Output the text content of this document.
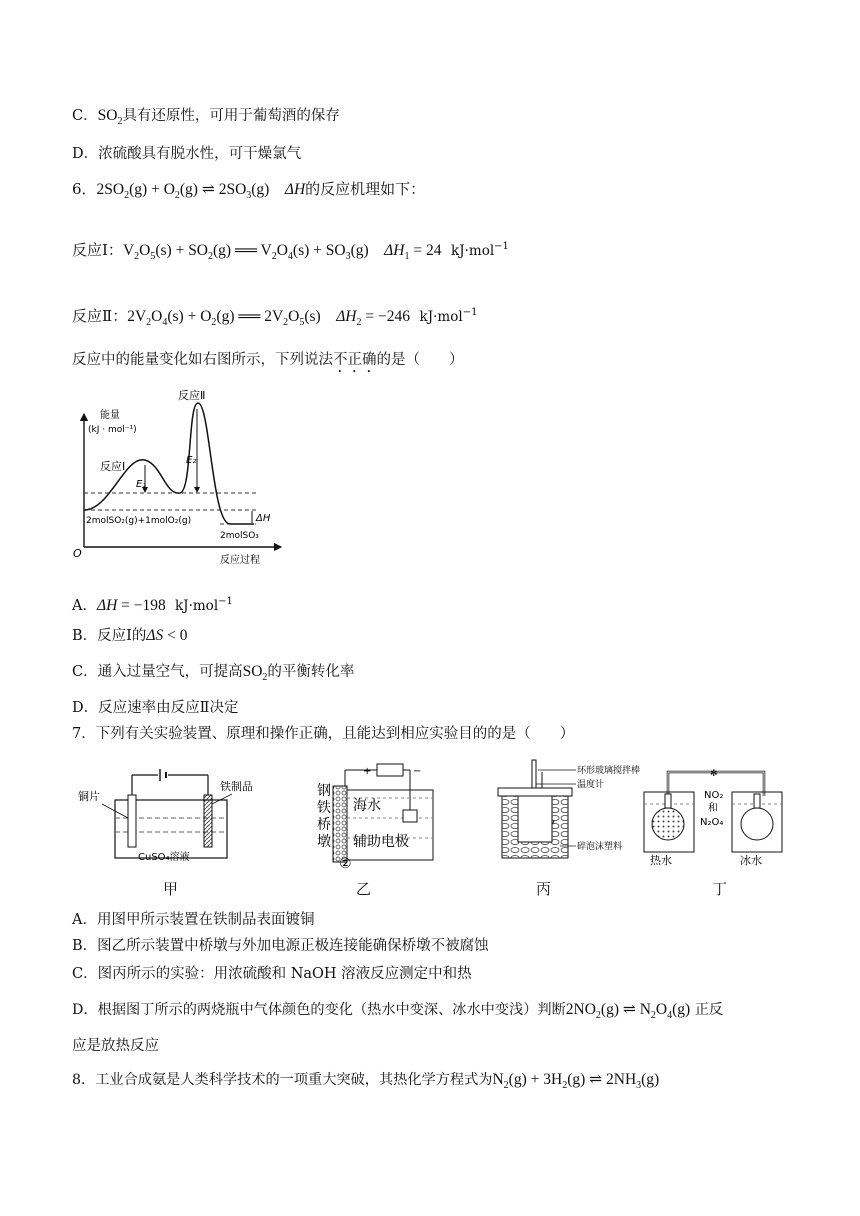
C．$SO_2$具有还原性，可用于葡萄酒的保存
D．浓硫酸具有脱水性，可干燥氯气
6．$2SO_2(g) + O_2(g)$ ⇌ $2SO_3(g)$    ΔH的反应机理如下：
反应Ⅰ：$V_2O_5(s) + SO_2(g)$ ══ $V_2O_4(s) + SO_3(g)$    $\Delta H_1 = 24$ kJ·mol$^{-1}$
反应Ⅱ：$2V_2O_4(s) + O_2(g)$ ══ $2V_2O_5(s)$    $\Delta H_2 = -246$ kJ·mol$^{-1}$
反应中的能量变化如右图所示，下列说法不正确的是（　　）
能量
(kJ · mol⁻¹)
反应Ⅰ
反应Ⅱ
E₁
E₂
2molSO₂(g)+1molO₂(g)
2molSO₃
ΔH
O
反应过程
A．ΔH = −198 kJ·mol$^{-1}$
B．反应Ⅰ的ΔS < 0
C．通入过量空气，可提高$SO_2$的平衡转化率
D．反应速率由反应Ⅱ决定
7．下列有关实验装置、原理和操作正确，且能达到相应实验目的的是（　　）
铜片
铁制品
CuSO₄溶液
甲
+	−
钢
铁
桥
墩
海水
辅助电极
②
乙
环形玻璃搅拌棒
温度计
碎泡沫塑料
丙
✻
NO₂
和
N₂O₄
热水	冰水
丁
A．用图甲所示装置在铁制品表面镀铜
B．图乙所示装置中桥墩与外加电源正极连接能确保桥墩不被腐蚀
C．图丙所示的实验：用浓硫酸和 NaOH 溶液反应测定中和热
D．根据图丁所示的两烧瓶中气体颜色的变化（热水中变深、冰水中变浅）判断$2NO_2(g)$ ⇌ $N_2O_4(g)$ 正反
应是放热反应
8．工业合成氨是人类科学技术的一项重大突破，其热化学方程式为$N_2(g) + 3H_2(g)$ ⇌ $2NH_3(g)$
